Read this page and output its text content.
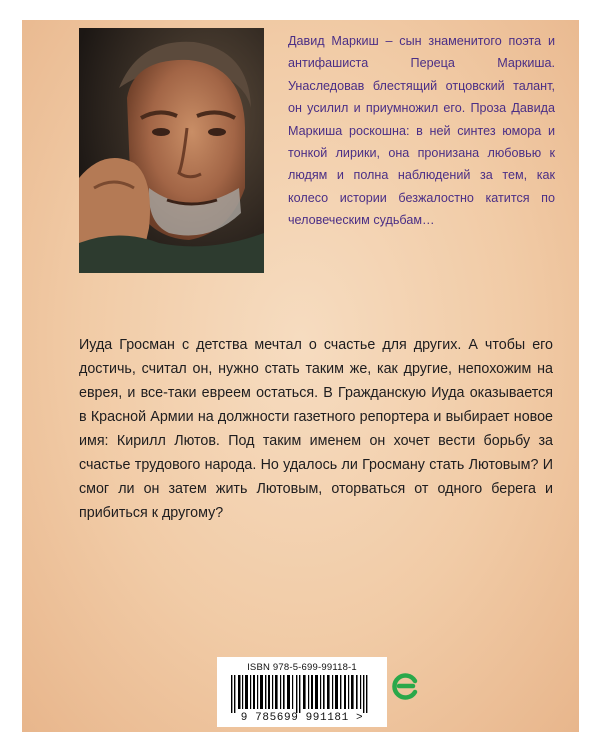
Давид Маркиш – сын знаменитого поэта и антифашиста Переца Маркиша. Унаследовав блестящий отцовский талант, он усилил и приумножил его. Проза Давида Маркиша роскошна: в ней синтез юмора и тонкой лирики, она пронизана любовью к людям и полна наблюдений за тем, как колесо истории безжалостно катится по человеческим судьбам…

Иуда Гросман с детства мечтал о счастье для других. А чтобы его достичь, считал он, нужно стать таким же, как другие, непохожим на еврея, и все-таки евреем остаться. В Гражданскую Иуда оказывается в Красной Армии на должности газетного репортера и выбирает новое имя: Кирилл Лютов. Под таким именем он хочет вести борьбу за счастье трудового народа. Но удалось ли Гросману стать Лютовым? И смог ли он затем жить Лютовым, оторваться от одного берега и прибиться к другому?

ISBN 978-5-699-99118-1
9 785699 991181 >
